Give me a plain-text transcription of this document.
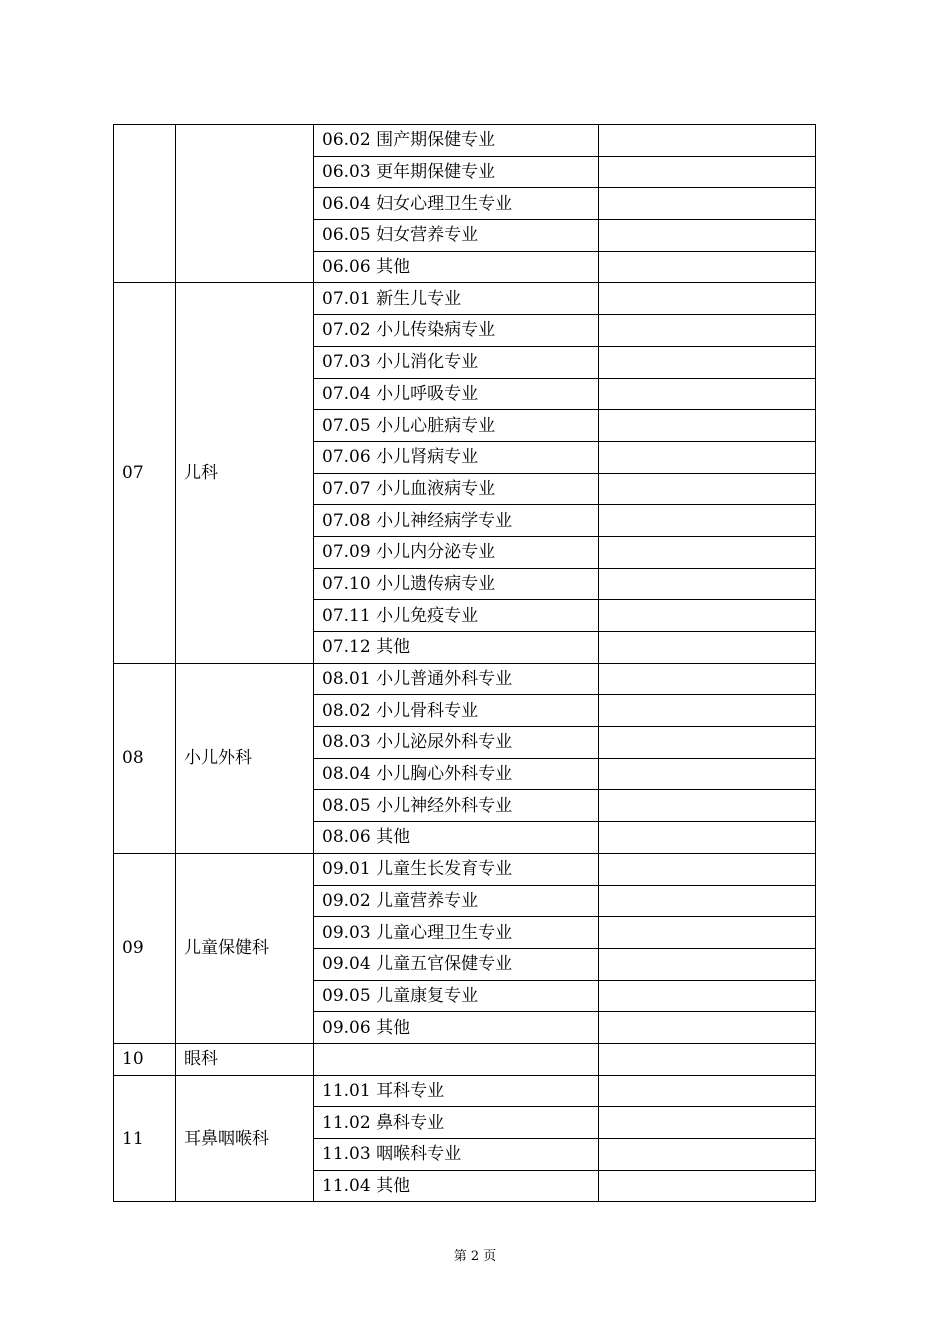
		06.02 围产期保健专业	
		06.03 更年期保健专业	
		06.04 妇女心理卫生专业	
		06.05 妇女营养专业	
		06.06 其他	
07	儿科	07.01 新生儿专业	
		07.02 小儿传染病专业	
		07.03 小儿消化专业	
		07.04 小儿呼吸专业	
		07.05 小儿心脏病专业	
		07.06 小儿肾病专业	
		07.07 小儿血液病专业	
		07.08 小儿神经病学专业	
		07.09 小儿内分泌专业	
		07.10 小儿遗传病专业	
		07.11 小儿免疫专业	
		07.12 其他	
08	小儿外科	08.01 小儿普通外科专业	
		08.02 小儿骨科专业	
		08.03 小儿泌尿外科专业	
		08.04 小儿胸心外科专业	
		08.05 小儿神经外科专业	
		08.06 其他	
09	儿童保健科	09.01 儿童生长发育专业	
		09.02 儿童营养专业	
		09.03 儿童心理卫生专业	
		09.04 儿童五官保健专业	
		09.05 儿童康复专业	
		09.06 其他	
10	眼科		
11	耳鼻咽喉科	11.01 耳科专业	
		11.02 鼻科专业	
		11.03 咽喉科专业	
		11.04 其他	
第 2 页
